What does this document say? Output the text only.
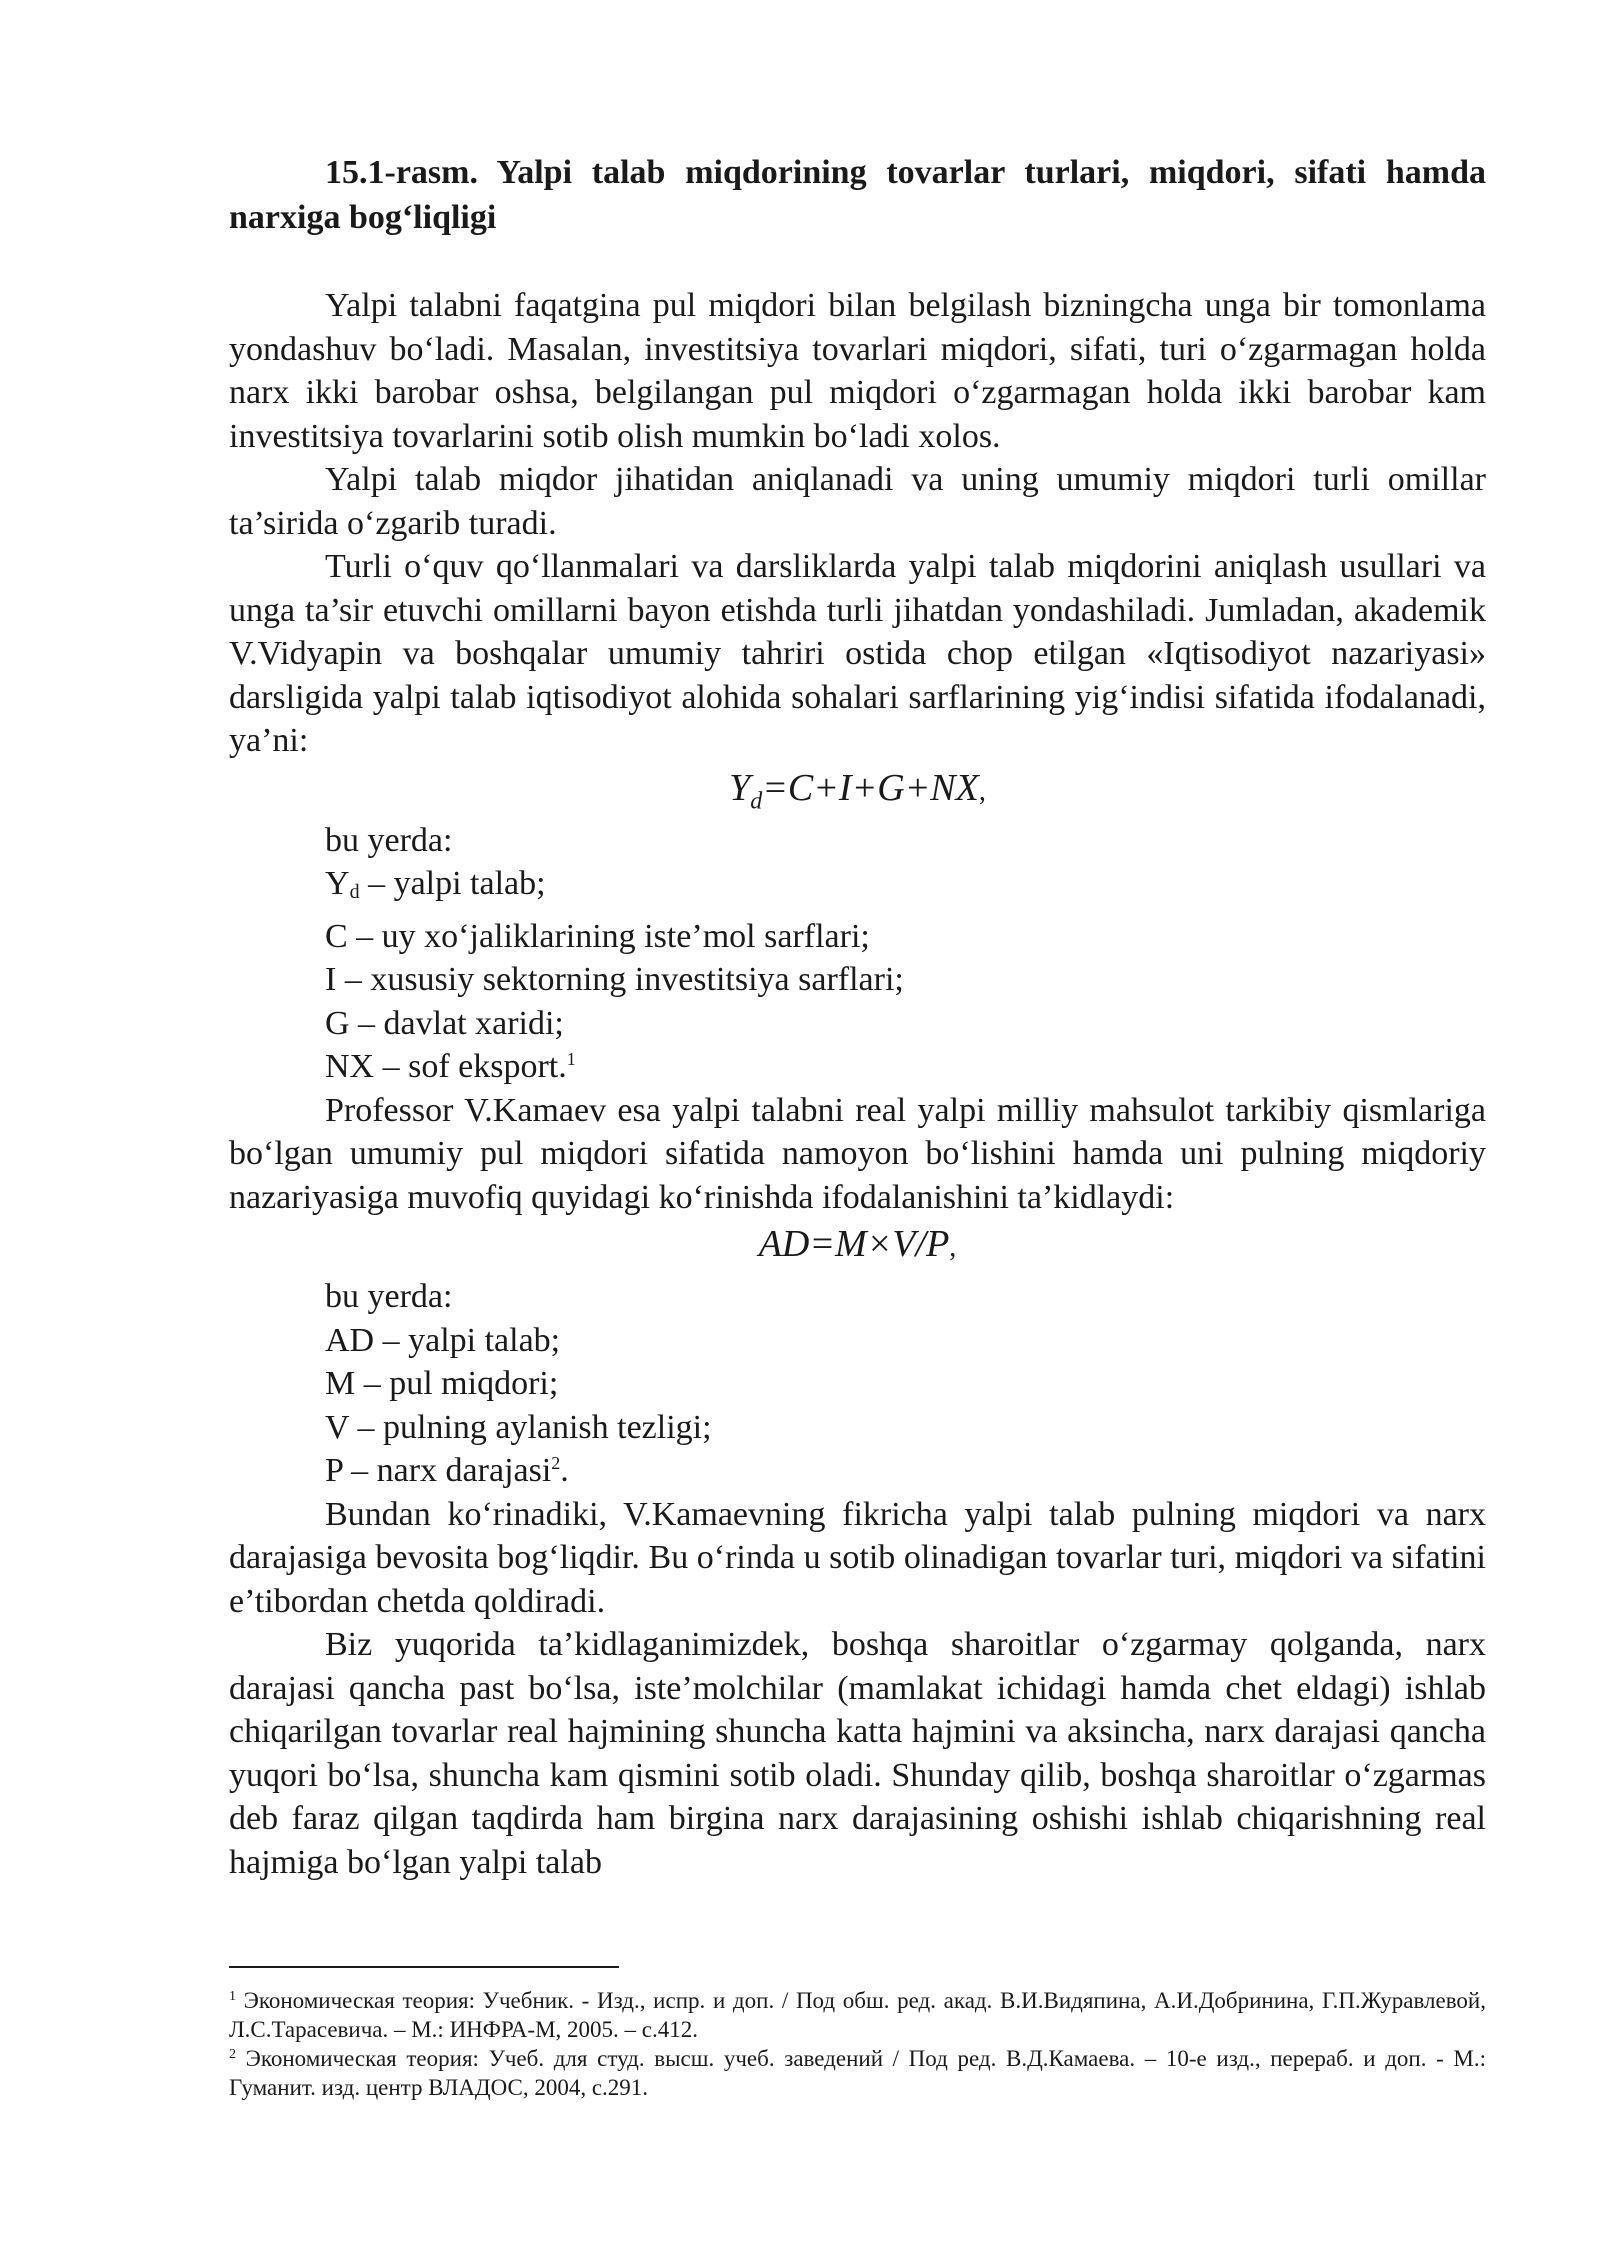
15.1-rasm. Yalpi talab miqdorining tovarlar turlari, miqdori, sifati hamda narxiga bog‘liqligi

Yalpi talabni faqatgina pul miqdori bilan belgilash bizningcha unga bir tomonlama yondashuv bo‘ladi. Masalan, investitsiya tovarlari miqdori, sifati, turi o‘zgarmagan holda narx ikki barobar oshsa, belgilangan pul miqdori o‘zgarmagan holda ikki barobar kam investitsiya tovarlarini sotib olish mumkin bo‘ladi xolos.

Yalpi talab miqdor jihatidan aniqlanadi va uning umumiy miqdori turli omillar ta’sirida o‘zgarib turadi.

Turli o‘quv qo‘llanmalari va darsliklarda yalpi talab miqdorini aniqlash usullari va unga ta’sir etuvchi omillarni bayon etishda turli jihatdan yondashiladi. Jumladan, akademik V.Vidyapin va boshqalar umumiy tahriri ostida chop etilgan «Iqtisodiyot nazariyasi» darsligida yalpi talab iqtisodiyot alohida sohalari sarflarining yig‘indisi sifatida ifodalanadi, ya’ni:

$Y_d=C+I+G+NX$,

bu yerda:

Yd – yalpi talab;

C – uy xo‘jaliklarining iste’mol sarflari;

I – xususiy sektorning investitsiya sarflari;

G – davlat xaridi;

NX – sof eksport.$^1$

Professor V.Kamaev esa yalpi talabni real yalpi milliy mahsulot tarkibiy qismlariga bo‘lgan umumiy pul miqdori sifatida namoyon bo‘lishini hamda uni pulning miqdoriy nazariyasiga muvofiq quyidagi ko‘rinishda ifodalanishini ta’kidlaydi:

AD=M×V/P,

bu yerda:

AD – yalpi talab;

M – pul miqdori;

V – pulning aylanish tezligi;

P – narx darajasi$^2$.

Bundan ko‘rinadiki, V.Kamaevning fikricha yalpi talab pulning miqdori va narx darajasiga bevosita bog‘liqdir. Bu o‘rinda u sotib olinadigan tovarlar turi, miqdori va sifatini e’tibordan chetda qoldiradi.

Biz yuqorida ta’kidlaganimizdek, boshqa sharoitlar o‘zgarmay qolganda, narx darajasi qancha past bo‘lsa, iste’molchilar (mamlakat ichidagi hamda chet eldagi) ishlab chiqarilgan tovarlar real hajmining shuncha katta hajmini va aksincha, narx darajasi qancha yuqori bo‘lsa, shuncha kam qismini sotib oladi. Shunday qilib, boshqa sharoitlar o‘zgarmas deb faraz qilgan taqdirda ham birgina narx darajasining oshishi ishlab chiqarishning real hajmiga bo‘lgan yalpi talab

$^1$ Экономическая теория: Учебник. - Изд., испр. и доп. / Под обш. ред. акад. В.И.Видяпина, А.И.Добринина, Г.П.Журавлевой, Л.С.Тарасевича. – М.: ИНФРА-М, 2005. – с.412.

$^2$ Экономическая теория: Учеб. для студ. высш. учеб. заведений / Под ред. В.Д.Камаева. – 10-е изд., перераб. и доп. - М.: Гуманит. изд. центр ВЛАДОС, 2004, с.291.
